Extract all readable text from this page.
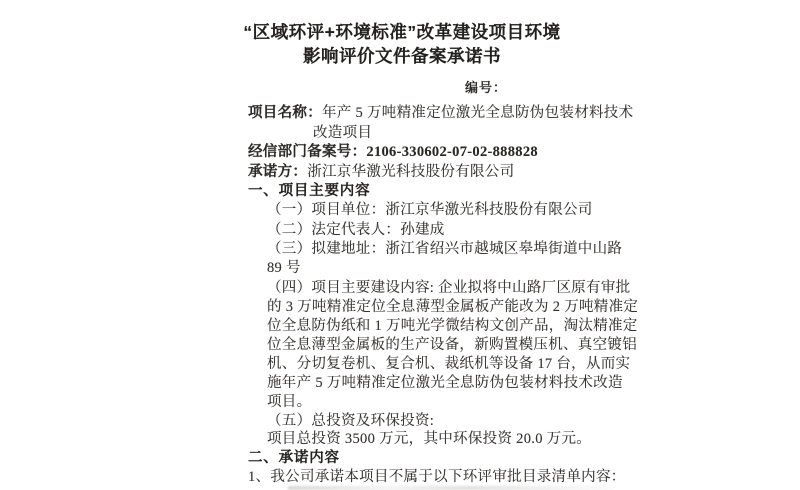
“区域环评+环境标准”改革建设项目环境
影响评价文件备案承诺书
编号：
项目名称：年产 5 万吨精准定位激光全息防伪包装材料技术
改造项目
经信部门备案号：2106-330602-07-02-888828
承诺方：浙江京华激光科技股份有限公司
一、项目主要内容
（一）项目单位：浙江京华激光科技股份有限公司
（二）法定代表人：孙建成
（三）拟建地址：浙江省绍兴市越城区皋埠街道中山路
89 号
（四）项目主要建设内容: 企业拟将中山路厂区原有审批
的 3 万吨精准定位全息薄型金属板产能改为 2 万吨精准定
位全息防伪纸和 1 万吨光学微结构文创产品，淘汰精准定
位全息薄型金属板的生产设备，新购置模压机、真空镀铝
机、分切复卷机、复合机、裁纸机等设备 17 台，从而实
施年产 5 万吨精准定位激光全息防伪包装材料技术改造
项目。
（五）总投资及环保投资:
项目总投资 3500 万元，其中环保投资 20.0 万元。
二、承诺内容
1、我公司承诺本项目不属于以下环评审批目录清单内容：
